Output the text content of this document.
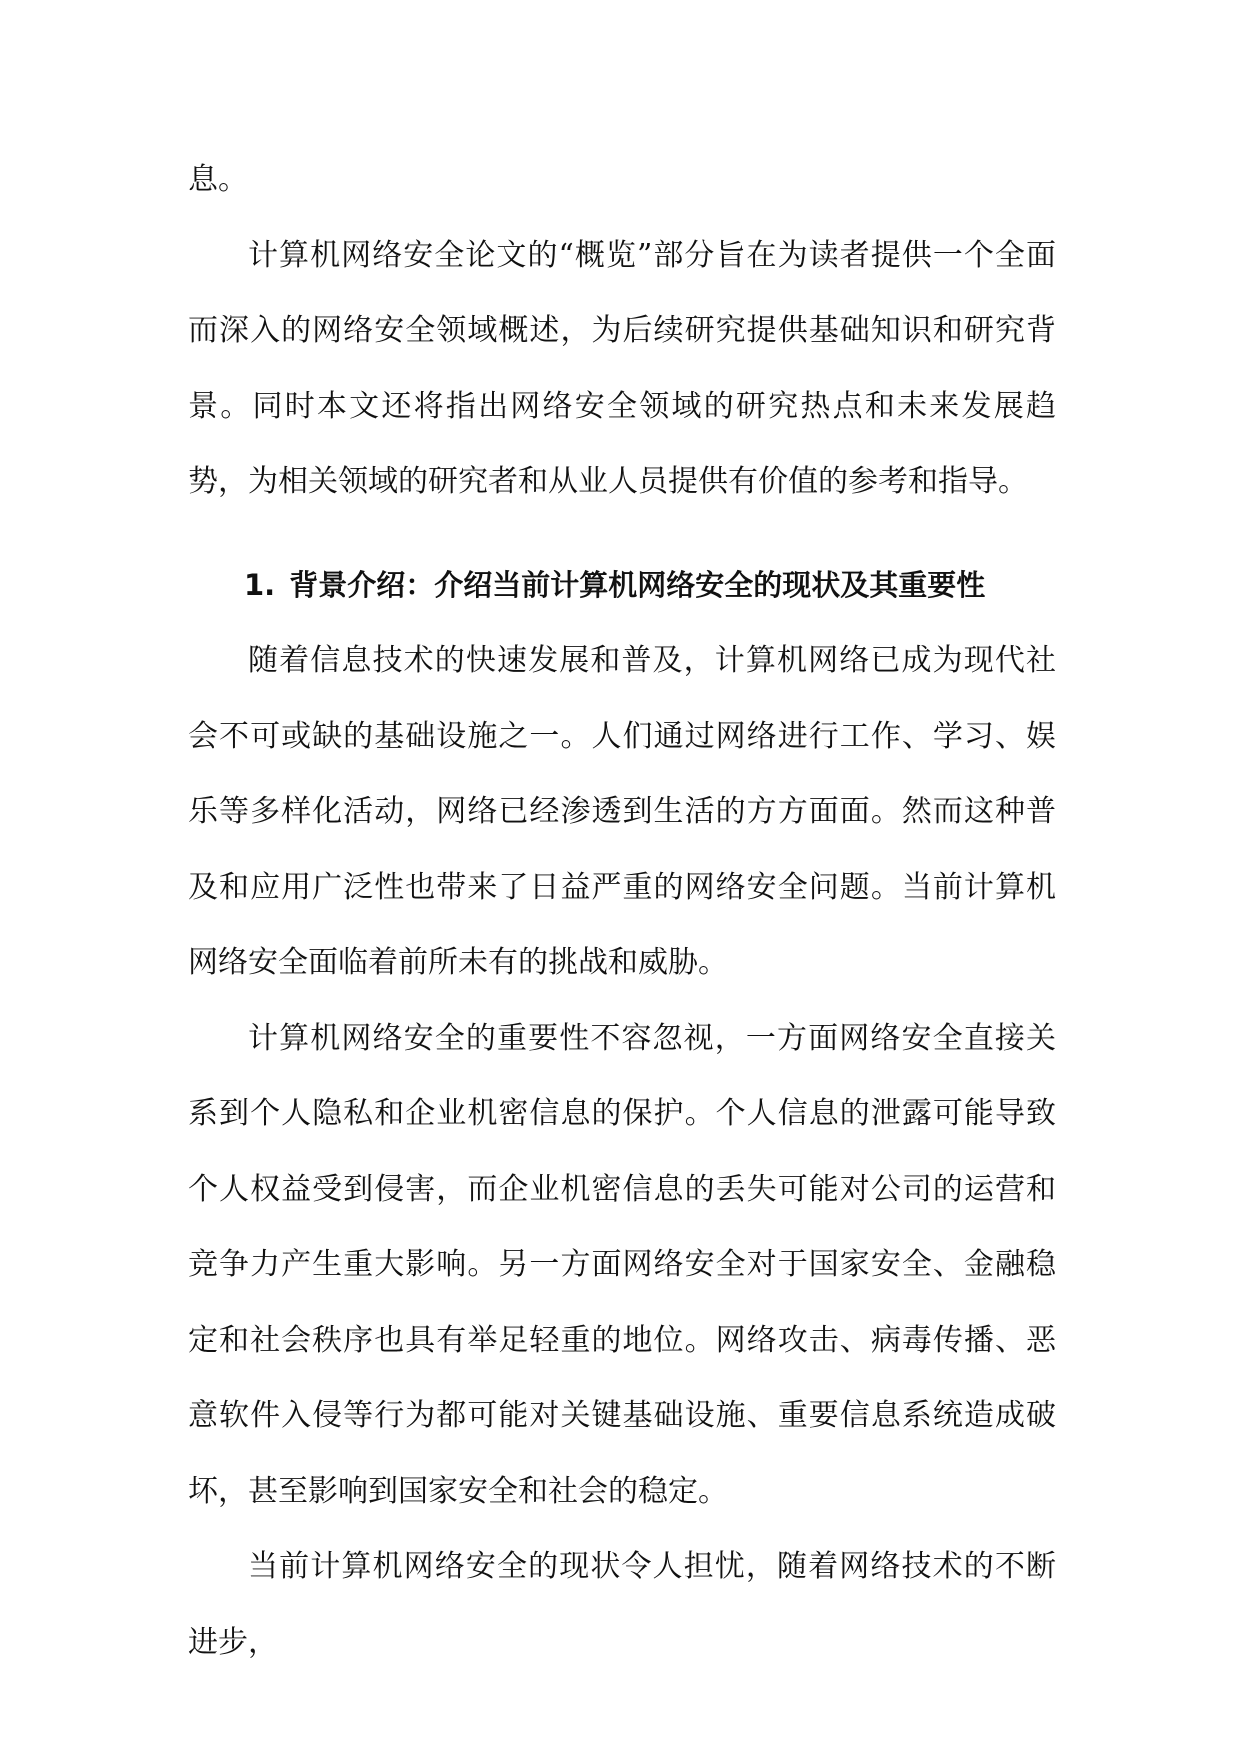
息。

计算机网络安全论文的“概览”部分旨在为读者提供一个全面而深入的网络安全领域概述，为后续研究提供基础知识和研究背景。同时本文还将指出网络安全领域的研究热点和未来发展趋势，为相关领域的研究者和从业人员提供有价值的参考和指导。

1. 背景介绍：介绍当前计算机网络安全的现状及其重要性

随着信息技术的快速发展和普及，计算机网络已成为现代社会不可或缺的基础设施之一。人们通过网络进行工作、学习、娱乐等多样化活动，网络已经渗透到生活的方方面面。然而这种普及和应用广泛性也带来了日益严重的网络安全问题。当前计算机网络安全面临着前所未有的挑战和威胁。

计算机网络安全的重要性不容忽视，一方面网络安全直接关系到个人隐私和企业机密信息的保护。个人信息的泄露可能导致个人权益受到侵害，而企业机密信息的丢失可能对公司的运营和竞争力产生重大影响。另一方面网络安全对于国家安全、金融稳定和社会秩序也具有举足轻重的地位。网络攻击、病毒传播、恶意软件入侵等行为都可能对关键基础设施、重要信息系统造成破坏，甚至影响到国家安全和社会的稳定。

当前计算机网络安全的现状令人担忧，随着网络技术的不断进步，
